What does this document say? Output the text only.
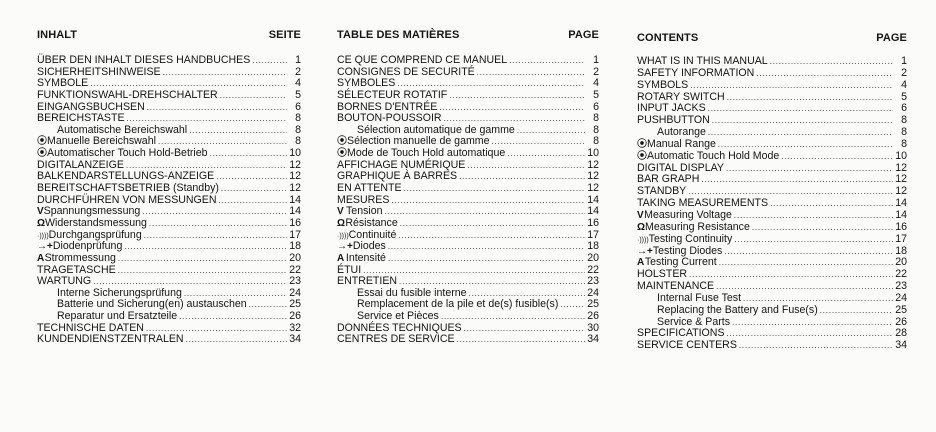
INHALT	SEITE
ÜBER DEN INHALT DIESES HANDBUCHES .....	1
SICHERHEITSHINWEISE .....	2
SYMBOLE .....	4
FUNKTIONSWAHL-DREHSCHALTER .....	5
EINGANGSBUCHSEN .....	6
BEREICHSTASTE .....	8
Automatische Bereichswahl .....	8
⦿ Manuelle Bereichswahl .....	8
⦿ Automatischer Touch Hold-Betrieb .....	10
DIGITALANZEIGE .....	12
BALKENDARSTELLUNGS-ANZEIGE .....	12
BEREITSCHAFTSBETRIEB (Standby) .....	12
DURCHFÜHREN VON MESSUNGEN .....	14
V Spannungsmessung .....	14
Ω Widerstandsmessung .....	16
·)))) Durchgangsprüfung .....	17
→+ Diodenprüfung .....	18
A Strommessung .....	20
TRAGETASCHE .....	22
WARTUNG .....	23
Interne Sicherungsprüfung .....	24
Batterie und Sicherung(en) austauschen .....	25
Reparatur und Ersatzteile .....	26
TECHNISCHE DATEN .....	32
KUNDENDIENSTZENTRALEN .....	34
TABLE DES MATIÈRES	PAGE
CE QUE COMPREND CE MANUEL .....	1
CONSIGNES DE SECURITÉ .....	2
SYMBOLES .....	4
SÉLECTEUR ROTATIF .....	5
BORNES D'ENTRÉE .....	6
BOUTON-POUSSOIR .....	8
Sélection automatique de gamme .....	8
⦿ Sélection manuelle de gamme .....	8
⦿ Mode de Touch Hold automatique .....	10
AFFICHAGE NUMÉRIQUE .....	12
GRAPHIQUE À BARRES .....	12
EN ATTENTE .....	12
MESURES .....	14
V Tension .....	14
Ω Résistance .....	16
·)))) Continuité .....	17
→+ Diodes .....	18
A Intensité .....	20
ÉTUI .....	22
ENTRETIEN .....	23
Essai du fusible interne .....	24
Remplacement de la pile et de(s) fusible(s) .....	25
Service et Pièces .....	26
DONNÉES TECHNIQUES .....	30
CENTRES DE SERVICE .....	34
CONTENTS	PAGE
WHAT IS IN THIS MANUAL .....	1
SAFETY INFORMATION .....	2
SYMBOLS .....	4
ROTARY SWITCH .....	5
INPUT JACKS .....	6
PUSHBUTTON .....	8
Autorange .....	8
⦿ Manual Range .....	8
⦿ Automatic Touch Hold Mode .....	10
DIGITAL DISPLAY .....	12
BAR GRAPH .....	12
STANDBY .....	12
TAKING MEASUREMENTS .....	14
V Measuring Voltage .....	14
Ω Measuring Resistance .....	16
·)))) Testing Continuity .....	17
→+ Testing Diodes .....	18
A Testing Current .....	20
HOLSTER .....	22
MAINTENANCE .....	23
Internal Fuse Test .....	24
Replacing the Battery and Fuse(s) .....	25
Service & Parts .....	26
SPECIFICATIONS .....	28
SERVICE CENTERS .....	34
